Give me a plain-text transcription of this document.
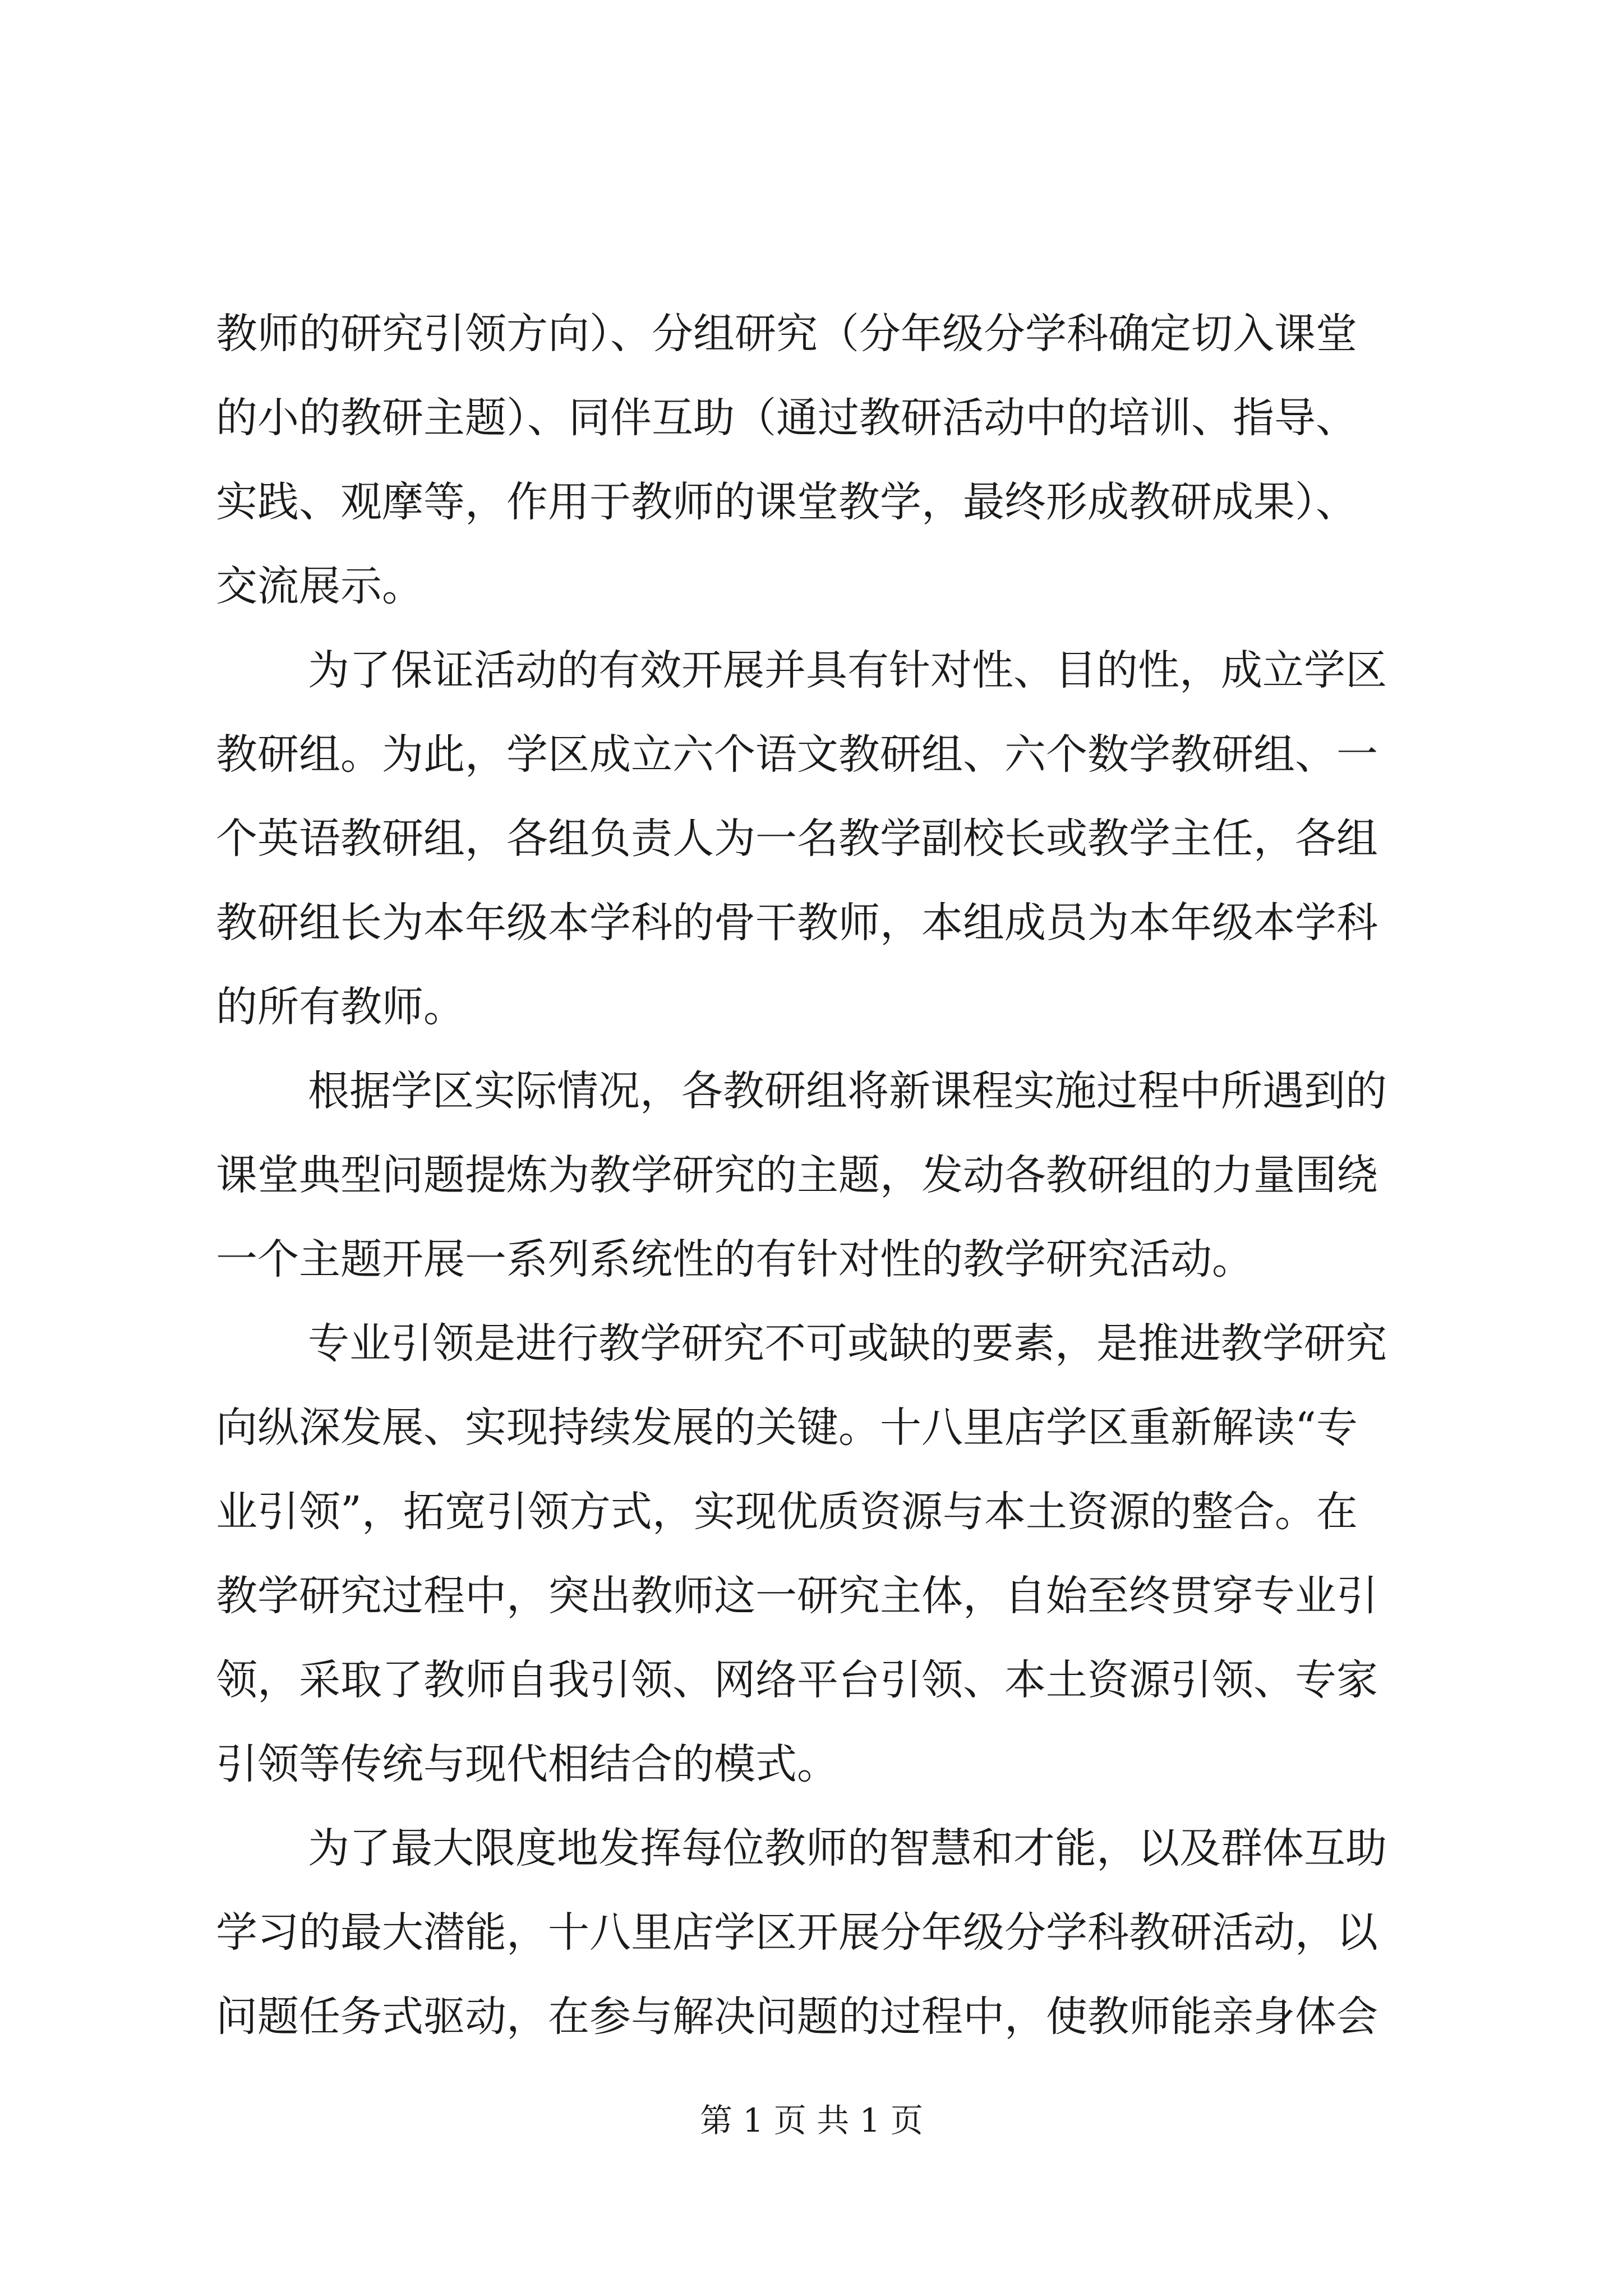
教师的研究引领方向）、分组研究（分年级分学科确定切入课堂
的小的教研主题）、同伴互助（通过教研活动中的培训、指导、
实践、观摩等，作用于教师的课堂教学，最终形成教研成果）、
交流展示。
为了保证活动的有效开展并具有针对性、目的性，成立学区
教研组。为此，学区成立六个语文教研组、六个数学教研组、一
个英语教研组，各组负责人为一名教学副校长或教学主任，各组
教研组长为本年级本学科的骨干教师，本组成员为本年级本学科
的所有教师。
根据学区实际情况，各教研组将新课程实施过程中所遇到的
课堂典型问题提炼为教学研究的主题，发动各教研组的力量围绕
一个主题开展一系列系统性的有针对性的教学研究活动。
专业引领是进行教学研究不可或缺的要素，是推进教学研究
向纵深发展、实现持续发展的关键。十八里店学区重新解读“专
业引领”，拓宽引领方式，实现优质资源与本土资源的整合。在
教学研究过程中，突出教师这一研究主体，自始至终贯穿专业引
领，采取了教师自我引领、网络平台引领、本土资源引领、专家
引领等传统与现代相结合的模式。
为了最大限度地发挥每位教师的智慧和才能，以及群体互助
学习的最大潜能，十八里店学区开展分年级分学科教研活动，以
问题任务式驱动，在参与解决问题的过程中，使教师能亲身体会
第 1 页 共 1 页
